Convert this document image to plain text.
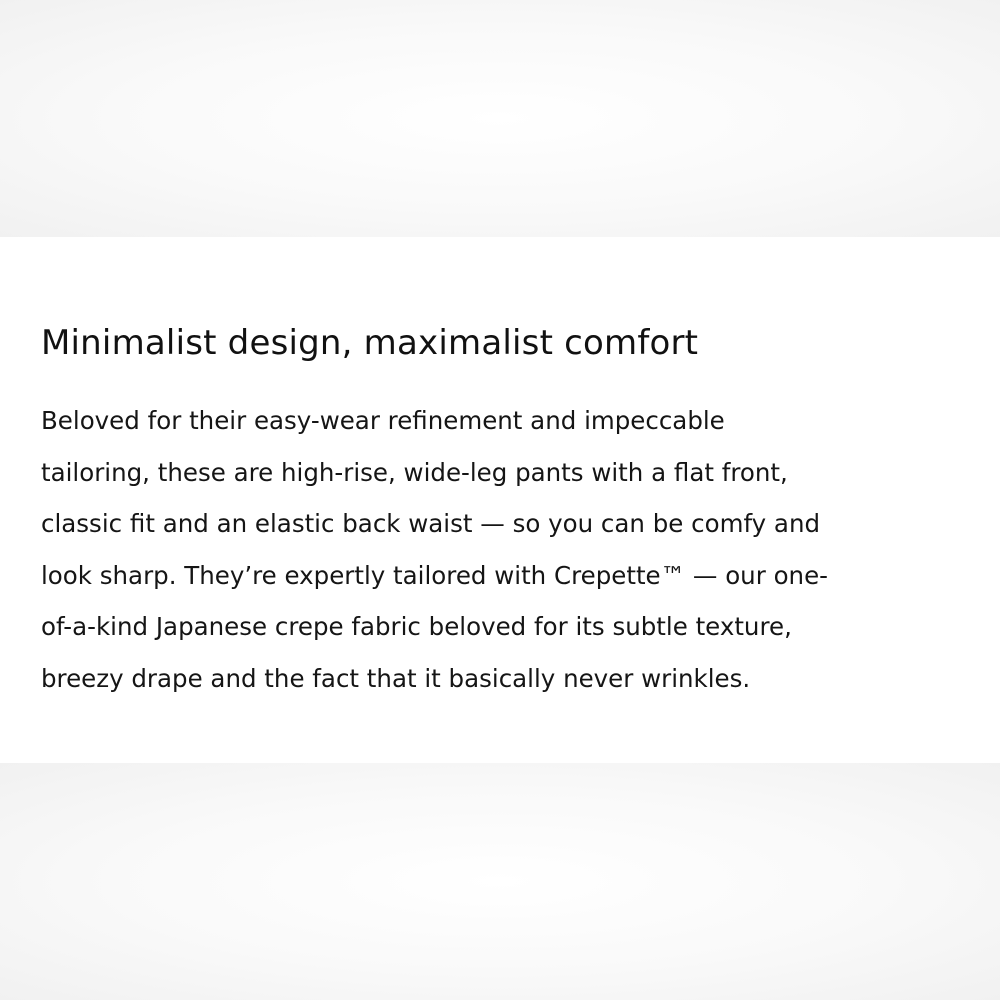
Minimalist design, maximalist comfort

Beloved for their easy-wear refinement and impeccable
tailoring, these are high-rise, wide-leg pants with a flat front,
classic fit and an elastic back waist — so you can be comfy and
look sharp. They’re expertly tailored with Crepette™ — our one-
of-a-kind Japanese crepe fabric beloved for its subtle texture,
breezy drape and the fact that it basically never wrinkles.
